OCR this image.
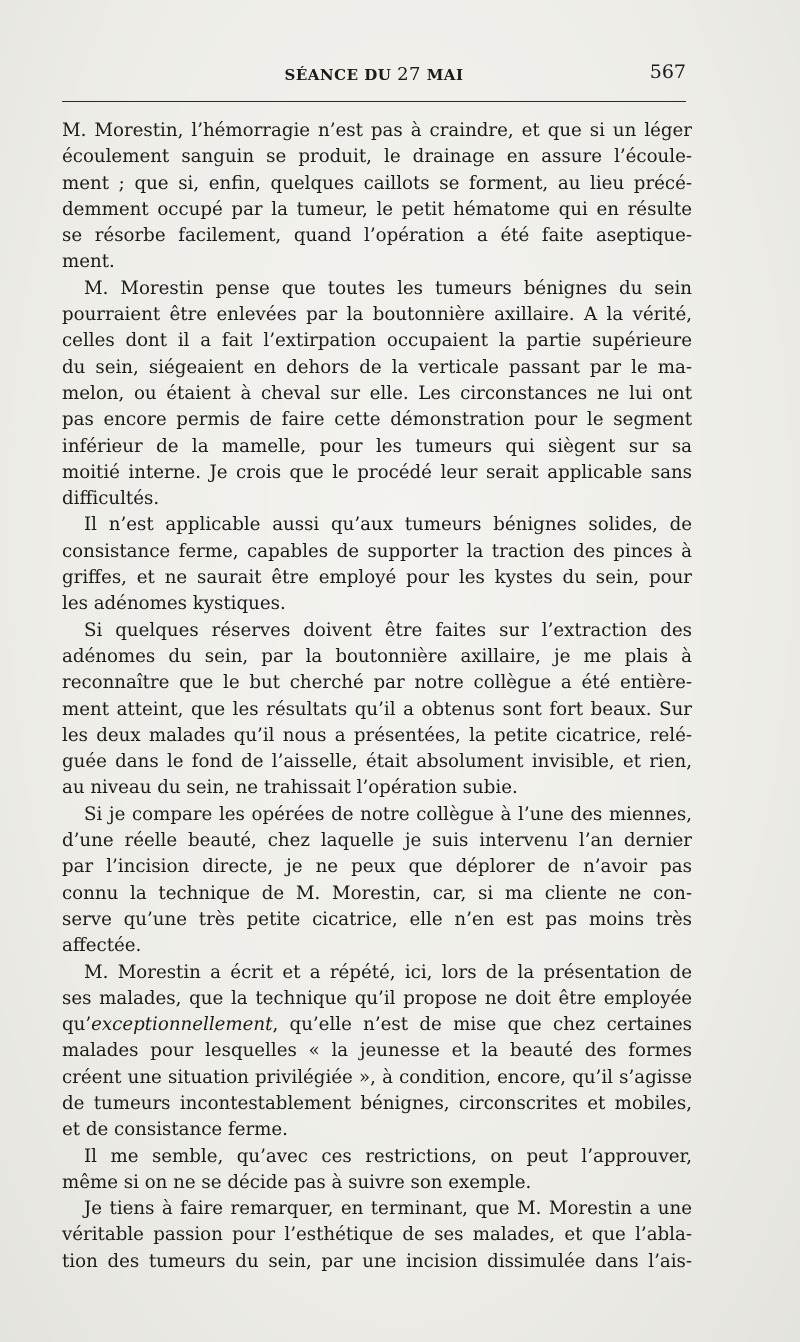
SÉANCE DU 27 MAI	567
M. Morestin, l’hémorragie n’est pas à craindre, et que si un léger
écoulement sanguin se produit, le drainage en assure l’écoule-
ment ; que si, enfin, quelques caillots se forment, au lieu précé-
demment occupé par la tumeur, le petit hématome qui en résulte
se résorbe facilement, quand l’opération a été faite aseptique-
ment.
M. Morestin pense que toutes les tumeurs bénignes du sein
pourraient être enlevées par la boutonnière axillaire. A la vérité,
celles dont il a fait l’extirpation occupaient la partie supérieure
du sein, siégeaient en dehors de la verticale passant par le ma-
melon, ou étaient à cheval sur elle. Les circonstances ne lui ont
pas encore permis de faire cette démonstration pour le segment
inférieur de la mamelle, pour les tumeurs qui siègent sur sa
moitié interne. Je crois que le procédé leur serait applicable sans
difficultés.
Il n’est applicable aussi qu’aux tumeurs bénignes solides, de
consistance ferme, capables de supporter la traction des pinces à
griffes, et ne saurait être employé pour les kystes du sein, pour
les adénomes kystiques.
Si quelques réserves doivent être faites sur l’extraction des
adénomes du sein, par la boutonnière axillaire, je me plais à
reconnaître que le but cherché par notre collègue a été entière-
ment atteint, que les résultats qu’il a obtenus sont fort beaux. Sur
les deux malades qu’il nous a présentées, la petite cicatrice, relé-
guée dans le fond de l’aisselle, était absolument invisible, et rien,
au niveau du sein, ne trahissait l’opération subie.
Si je compare les opérées de notre collègue à l’une des miennes,
d’une réelle beauté, chez laquelle je suis intervenu l’an dernier
par l’incision directe, je ne peux que déplorer de n’avoir pas
connu la technique de M. Morestin, car, si ma cliente ne con-
serve qu’une très petite cicatrice, elle n’en est pas moins très
affectée.
M. Morestin a écrit et a répété, ici, lors de la présentation de
ses malades, que la technique qu’il propose ne doit être employée
qu’exceptionnellement, qu’elle n’est de mise que chez certaines
malades pour lesquelles « la jeunesse et la beauté des formes
créent une situation privilégiée », à condition, encore, qu’il s’agisse
de tumeurs incontestablement bénignes, circonscrites et mobiles,
et de consistance ferme.
Il me semble, qu’avec ces restrictions, on peut l’approuver,
même si on ne se décide pas à suivre son exemple.
Je tiens à faire remarquer, en terminant, que M. Morestin a une
véritable passion pour l’esthétique de ses malades, et que l’abla-
tion des tumeurs du sein, par une incision dissimulée dans l’ais-
